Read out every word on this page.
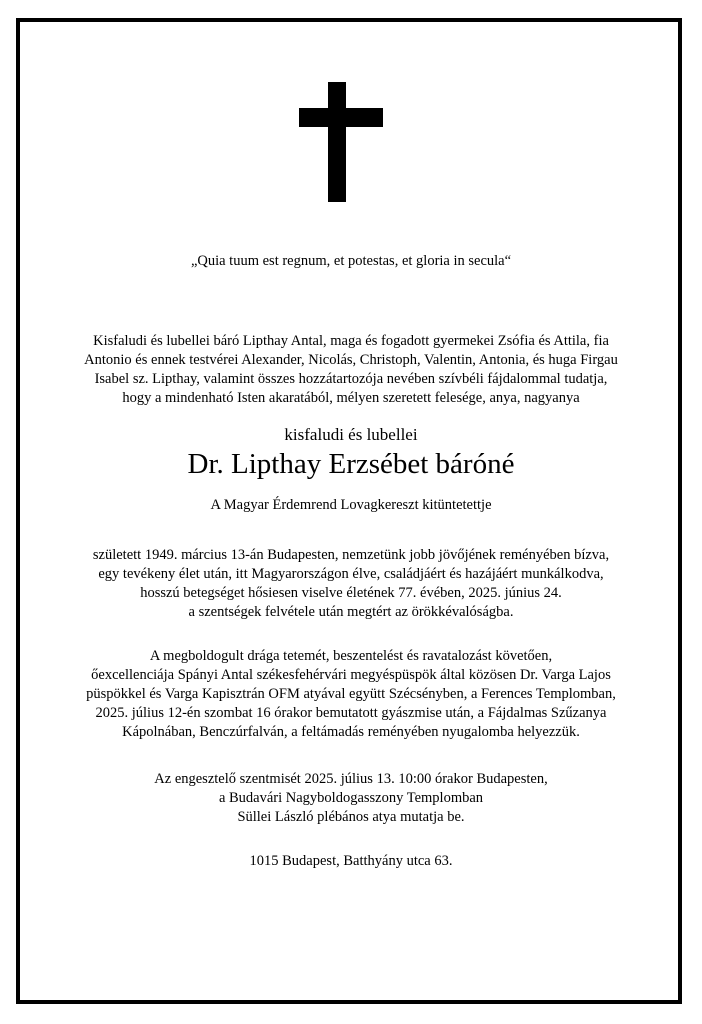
„Quia tuum est regnum, et potestas, et gloria in secula“

Kisfaludi és lubellei báró Lipthay Antal, maga és fogadott gyermekei Zsófia és Attila, fia
Antonio és ennek testvérei Alexander, Nicolás, Christoph, Valentin, Antonia, és huga Firgau
Isabel sz. Lipthay, valamint összes hozzátartozója nevében szívbéli fájdalommal tudatja,
hogy a mindenható Isten akaratából, mélyen szeretett felesége, anya, nagyanya

kisfaludi és lubellei

Dr. Lipthay Erzsébet báróné

A Magyar Érdemrend Lovagkereszt kitüntetettje

született 1949. március 13-án Budapesten, nemzetünk jobb jövőjének reményében bízva,
egy tevékeny élet után, itt Magyarországon élve, családjáért és hazájáért munkálkodva,
hosszú betegséget hősiesen viselve életének 77. évében, 2025. június 24.
a szentségek felvétele után megtért az örökkévalóságba.

A megboldogult drága tetemét, beszentelést és ravatalozást követően,
őexcellenciája Spányi Antal székesfehérvári megyéspüspök által közösen Dr. Varga Lajos
püspökkel és Varga Kapisztrán OFM atyával együtt Szécsényben, a Ferences Templomban,
2025. július 12-én szombat 16 órakor bemutatott gyászmise után, a Fájdalmas Szűzanya
Kápolnában, Benczúrfalván, a feltámadás reményében nyugalomba helyezzük.

Az engesztelő szentmisét 2025. július 13. 10:00 órakor Budapesten,
a Budavári Nagyboldogasszony Templomban
Süllei László plébános atya mutatja be.

1015 Budapest, Batthyány utca 63.
